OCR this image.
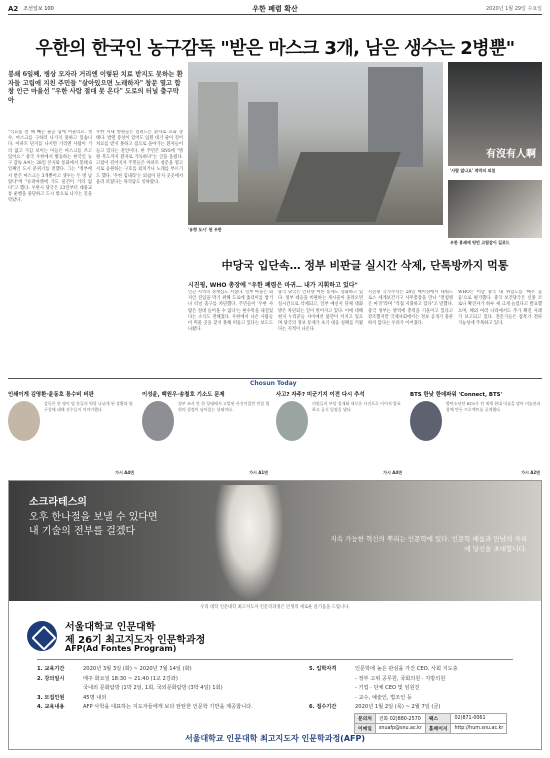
A2 조선일보 100	우한 폐렴 확산	2020년 1월 29일 수요일
우한의 한국인 농구감독 "받은 마스크 3개, 남은 생수는 2병뿐"
봉쇄 6일째, 병상 모자라 거리엔 이렇된 치료 받지도 못하는 환자들 고립에 지친 주민들 "살아있으면 노래하자" 창문 열고 합창 인근 마을선 "우한 사람 절대 못 온다" 도로의 터널 출구막아
"식료품 살 때 빼곤 줄곧 집에 머물러요. 생수, 마스크를 구하러 나가지 못하고 있습니다. 아파트 단지를 나서면 거리엔 사람이 거의 없고 가끔 보이는 이들은 마스크를 쓰고 있어요." 중국 우한에서 활동하는 한국인 농구 감독 A씨는 28일 본지와 통화에서 봉쇄 6일째인 도시 분위기를 전했다. 그는 "정부에서 받은 마스크는 3개뿐이고 생수는 두 병 남았다"며 "슈퍼마켓에 가도 물건이 거의 없다"고 했다. 우한시 당국은 23일부터 대중교통 운행을 중단하고 도시 밖으로 나가는 길을 막았다.
우한 시내 병원들은 밀려드는 환자로 포화 상태다. 발열 증상이 있어도 입원 대기 줄이 길어 치료를 받지 못하고 집으로 돌아가는 환자들이 늘고 있다는 전언이다. 한 주민은 SNS에 "병원 복도까지 환자로 가득하다"는 글을 올렸다. 고립이 길어지자 주민들은 아파트 창문을 열고 서로 응원하는 구호를 외치거나 노래를 부르기도 했다. '우한 힘내라'는 외침이 단지 곳곳에서 울려 퍼졌다는 목격담도 잇따랐다.
'유령 도시' 된 우한
有沒有人啊
'사람 없나요' 적막의 외침
우한 봉쇄에 텅빈 고립감이 길로드
中당국 입단속… 정부 비판글 실시간 삭제, 단톡방까지 먹통
시진핑, WHO 총장에 "우한 폐렴은 마귀… 내가 지휘하고 있다"
인근 지역의 경계심도 커졌다. 일부 마을은 외지인 진입을 막기 위해 도로에 흙더미를 쌓거나 터널 출구를 차단했다. 주민들이 '우한 사람은 절대 들어올 수 없다'는 현수막을 내걸었다는 소식도 전해졌다. 우한에서 나온 사람들이 머물 곳을 찾지 못해 떠돌고 있다는 보도도 나왔다.
중국 당국은 인터넷 여론 통제도 강화하고 있다. 정부 대응을 비판하는 게시물이 올라오면 실시간으로 삭제되고, 일부 메신저 단체 대화방은 차단되는 일이 벌어지고 있다. 이에 대해 현지 누리꾼들 사이에선 불만이 커지고 있으며 당국의 정보 통제가 초기 대응 실패를 키웠다는 지적이 나온다.
시진핑 국가주석은 28일 베이징에서 테워드로스 세계보건기구 사무총장을 만나 "전염병은 마귀"라며 "직접 지휘하고 있다"고 말했다. 중국 정부는 방역에 총력을 기울이고 있다고 강조했지만 국제사회에서는 정보 공개가 충분하지 않다는 우려가 이어졌다.
WHO는 이날 중국 내 위험도를 '매우 높음'으로 평가했다. 중국 보건당국은 신종 코로나 확진자가 하루 새 크게 늘었다고 발표했으며, 해외 여러 나라에서도 추가 확진 사례가 보고되고 있다. 전문가들은 잠복기 전파 가능성에 주목하고 있다.
Chosun Today
인쇄이게 김영환·윤동호 통수비 비판
감독은 한 명이 팀 분들의 역할 나뉘게 된 상황과 팀 구성에 대해 선수들이 이야기했다.
가시 A4면
이성윤, 백원우·송철호 기소도 문제
정부 조사 안 한 상태에서 고발된 사건이었던 만큼 법원의 결정이 남아있는 상태이다.
가시 A1면
사고? 자주? 미군기지 이전 다시 추석
의원들의 부당 결재와 새로운 사건으로 이어져 발표하고 공식 입장을 냈다.
가시 A4면
BTS 한낮 한데파워 'Connect, BTS'
방탄소년단 BTS가 전 세계 현대 미술을 맡아 미술관과 함께 만든 프로젝트를 공개했다.
가시 A2면
소크라테스의
오후 한나절을 보낼 수 있다면
내 기술의 전부를 걸겠다
지속 가능한 혁신의 뿌리는 인문학에 있다. 인문학 배움과 만남의 자리에 당신을 초대합니다.
우리 대학 인문대학 최고지도자 인문학과정은 인생의 새로운 즐거움을 드립니다.
서울대학교 인문대학
제 26기 최고지도자 인문학과정
AFP(Ad Fontes Program)
1. 교육기간	2020년 3월 3일 (화) ~ 2020년 7월 14일 (화)
2. 강의일시	매주 화요일 18:30 ~ 21:40 (1교 2강좌)
국내외 문화탐방 (1박 2일, 1회, 국외문화탐방 (3박 4일) 1회)
3. 모집인원	45명 내외
4. 교육내용	AFP 사학을 대표하는 지도자들에게 보다 탄탄한 인문학 기반을 제공합니다.
5. 입학자격	인문학에 높은 관심을 가진 CEO, 사회 지도층
- 정부 고위 공무원, 국회의원 · 지방의원
- 기업 · 단체 CEO 및 임원진
- 교수, 예술인, 법조인 등
6. 접수기간	2020년 1월 2일 (목) ~ 2월 7일 (금)
문의처	전화 02)880-2570	팩스	02)871-0061
이메일	snuafp@snu.ac.kr	홈페이지	http://hum.snu.ac.kr
서울대학교 인문대학 최고지도자 인문학과정(AFP)
